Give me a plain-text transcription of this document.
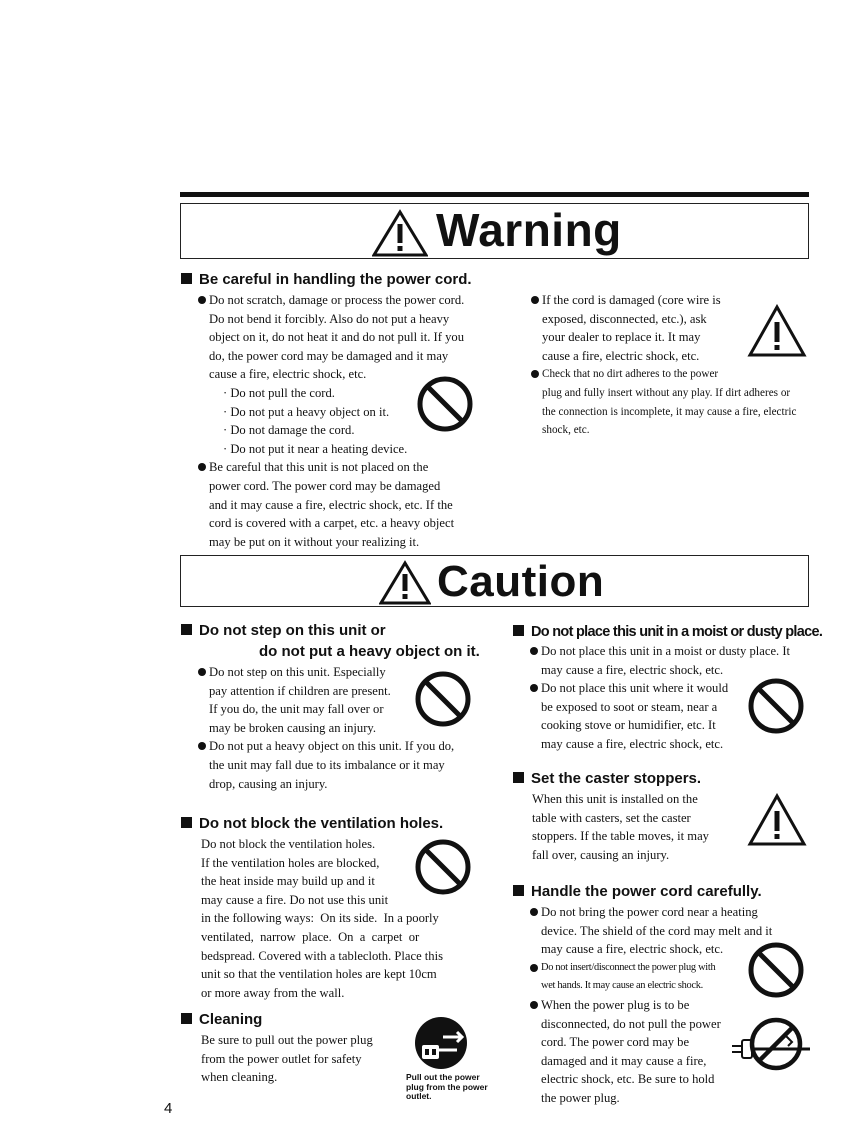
Warning
Be careful in handling the power cord.
Do not scratch, damage or process the power cord.
Do not bend it forcibly. Also do not put a heavy
object on it, do not heat it and do not pull it. If you
do, the power cord may be damaged and it may
cause a fire, electric shock, etc.
· Do not pull the cord.
· Do not put a heavy object on it.
· Do not damage the cord.
· Do not put it near a heating device.
Be careful that this unit is not placed on the
power cord. The power cord may be damaged
and it may cause a fire, electric shock, etc. If the
cord is covered with a carpet, etc. a heavy object
may be put on it without your realizing it.
If the cord is damaged (core wire is
exposed, disconnected, etc.), ask
your dealer to replace it. It may
cause a fire, electric shock, etc.
Check that no dirt adheres to the power
plug and fully insert without any play. If dirt adheres or
the connection is incomplete, it may cause a fire, electric
shock, etc.
Caution
Do not step on this unit or
do not put a heavy object on it.
Do not step on this unit. Especially
pay attention if children are present.
If you do, the unit may fall over or
may be broken causing an injury.
Do not put a heavy object on this unit. If you do,
the unit may fall due to its imbalance or it may
drop, causing an injury.
Do not block the ventilation holes.
Do not block the ventilation holes.
If the ventilation holes are blocked,
the heat inside may build up and it
may cause a fire. Do not use this unit
in the following ways:  On its side.  In a poorly
ventilated,  narrow  place.  On  a  carpet  or
bedspread. Covered with a tablecloth. Place this
unit so that the ventilation holes are kept 10cm
or more away from the wall.
Cleaning
Be sure to pull out the power plug
from the power outlet for safety
when cleaning.	Pull out the power
plug from the power
outlet.
Do not place this unit in a moist or dusty place.
Do not place this unit in a moist or dusty place. It
may cause a fire, electric shock, etc.
Do not place this unit where it would
be exposed to soot or steam, near a
cooking stove or humidifier, etc. It
may cause a fire, electric shock, etc.
Set the caster stoppers.
When this unit is installed on the
table with casters, set the caster
stoppers. If the table moves, it may
fall over, causing an injury.
Handle the power cord carefully.
Do not bring the power cord near a heating
device. The shield of the cord may melt and it
may cause a fire, electric shock, etc.
Do not insert/disconnect the power plug with
wet hands. It may cause an electric shock.
When the power plug is to be
disconnected, do not pull the power
cord. The power cord may be
damaged and it may cause a fire,
electric shock, etc. Be sure to hold
the power plug.
4
